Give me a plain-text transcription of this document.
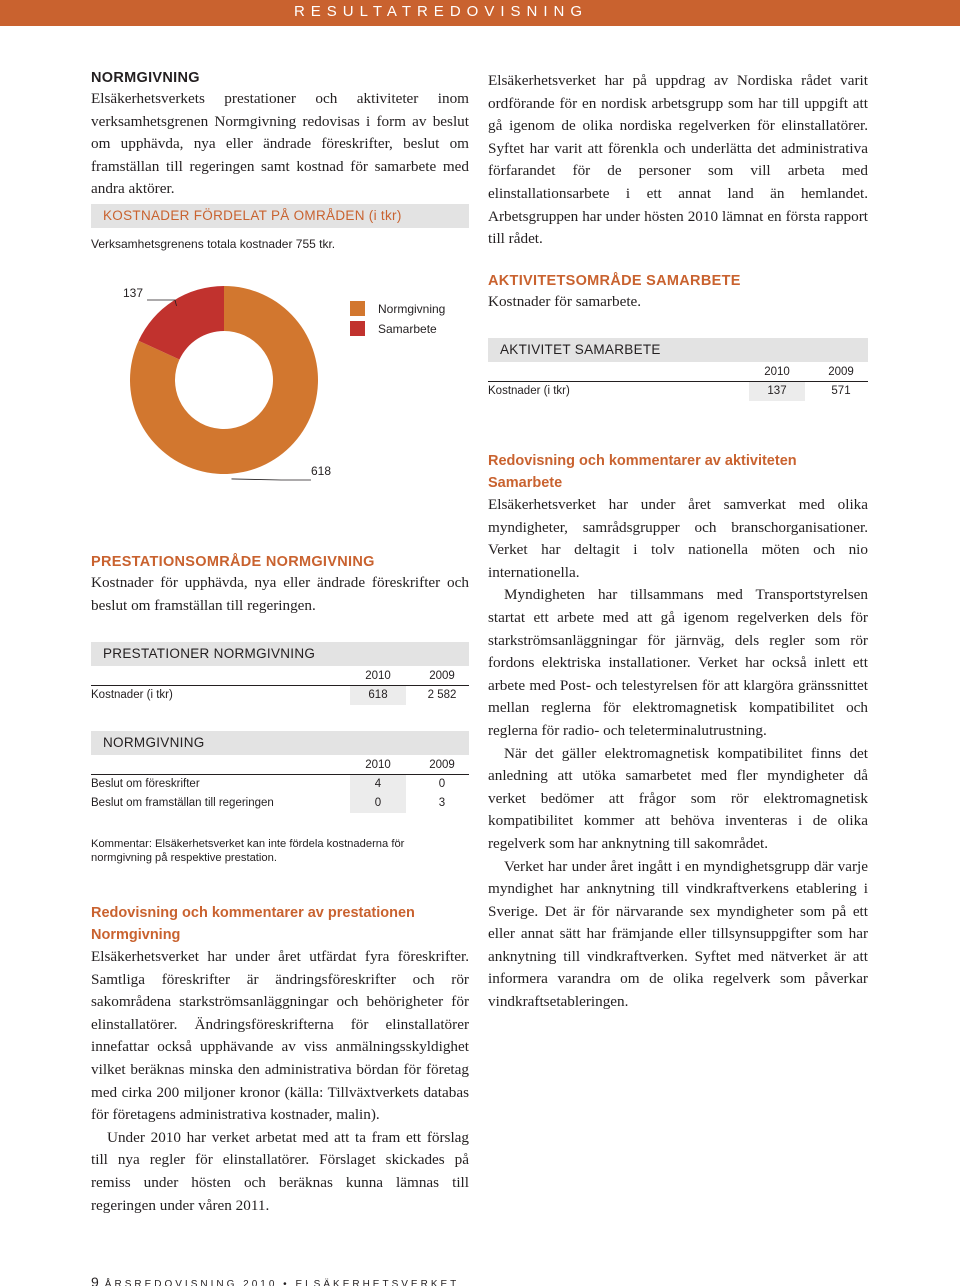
RESULTATREDOVISNING
NORMGIVNING
Elsäkerhetsverkets prestationer och aktiviteter inom verksamhetsgrenen Normgivning redovisas i form av beslut om upphävda, nya eller ändrade föreskrifter, beslut om framställan till regeringen samt kostnad för samarbete med andra aktörer.
KOSTNADER FÖRDELAT PÅ OMRÅDEN (i tkr)
Verksamhetsgrenens totala kostnader 755 tkr.
137
618
Normgivning
Samarbete
PRESTATIONSOMRÅDE NORMGIVNING
Kostnader för upphävda, nya eller ändrade föreskrifter och beslut om framställan till regeringen.
PRESTATIONER NORMGIVNING
2010	2009
Kostnader (i tkr)	618	2 582
NORMGIVNING
2010	2009
Beslut om föreskrifter	4	0
Beslut om framställan till regeringen	0	3
Kommentar: Elsäkerhetsverket kan inte fördela kostnaderna för normgivning på respektive prestation.
Redovisning och kommentarer av prestationen
Normgivning

Elsäkerhetsverket har under året utfärdat fyra föreskrifter. Samtliga föreskrifter är ändringsföreskrifter och rör sakområdena starkströmsanläggningar och behörigheter för elinstallatörer. Ändringsföreskrifterna för elinstallatörer innefattar också upphävande av viss anmälningsskyldighet vilket beräknas minska den administrativa bördan för företag med cirka 200 miljoner kronor (källa: Tillväxtverkets databas för företagens administrativa kostnader, malin).

Under 2010 har verket arbetat med att ta fram ett förslag till nya regler för elinstallatörer. Förslaget skickades på remiss under hösten och beräknas kunna lämnas till regeringen under våren 2011.

Elsäkerhetsverket har på uppdrag av Nordiska rådet varit ordförande för en nordisk arbetsgrupp som har till uppgift att gå igenom de olika nordiska regelverken för elinstallatörer. Syftet har varit att förenkla och underlätta det administrativa förfarandet för de personer som vill arbeta med elinstallationsarbete i ett annat land än hemlandet. Arbetsgruppen har under hösten 2010 lämnat en första rapport till rådet.
AKTIVITETSOMRÅDE SAMARBETE
Kostnader för samarbete.
AKTIVITET SAMARBETE
2010	2009
Kostnader (i tkr)	137	571
Redovisning och kommentarer av aktiviteten
Samarbete

Elsäkerhetsverket har under året samverkat med olika myndigheter, samrådsgrupper och branschorganisationer. Verket har deltagit i tolv nationella möten och nio internationella.

Myndigheten har tillsammans med Transportstyrelsen startat ett arbete med att gå igenom regelverken dels för starkströmsanläggningar för järnväg, dels regler som rör fordons elektriska installationer. Verket har också inlett ett arbete med Post- och telestyrelsen för att klargöra gränssnittet mellan reglerna för elektromagnetisk kompatibilitet och reglerna för radio- och teleterminalutrustning.

När det gäller elektromagnetisk kompatibilitet finns det anledning att utöka samarbetet med fler myndigheter då verket bedömer att frågor som rör elektromagnetisk kompatibilitet kommer att behöva inventeras i de olika regelverk som har anknytning till sakområdet.

Verket har under året ingått i en myndighetsgrupp där varje myndighet har anknytning till vindkraftverkens etablering i Sverige. Det är för närvarande sex myndigheter som på ett eller annat sätt har främjande eller tillsynsuppgifter som har anknytning till vindkraftverken. Syftet med nätverket är att informera varandra om de olika regelverk som påverkar vindkraftsetableringen.

9 ÅRSREDOVISNING 2010 • ELSÄKERHETSVERKET
